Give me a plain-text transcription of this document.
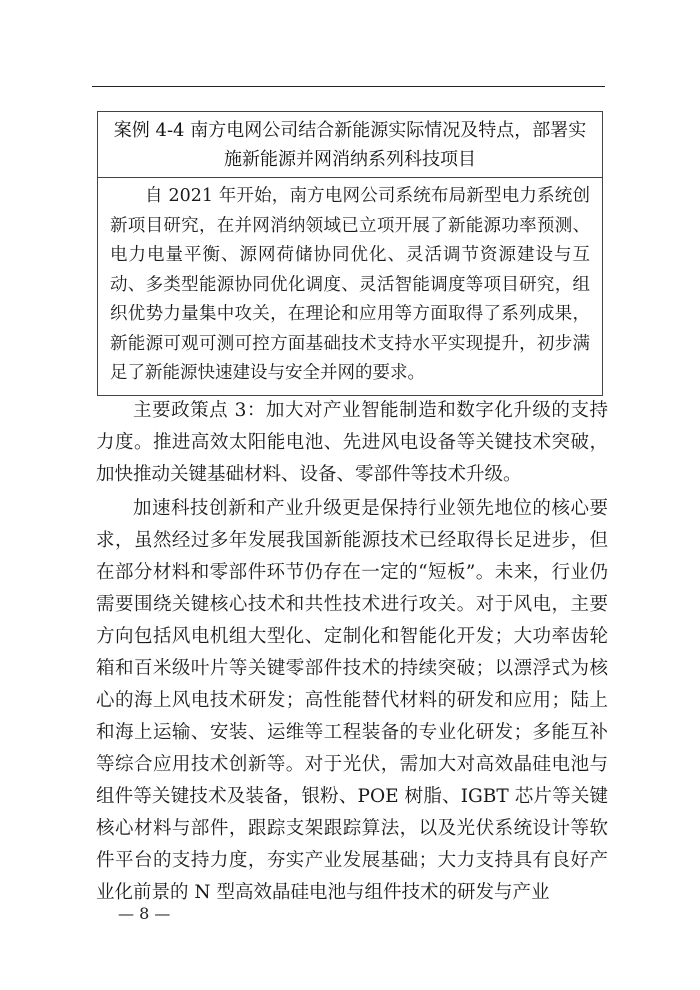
案例 4-4 南方电网公司结合新能源实际情况及特点，部署实施新能源并网消纳系列科技项目
自 2021 年开始，南方电网公司系统布局新型电力系统创新项目研究，在并网消纳领域已立项开展了新能源功率预测、电力电量平衡、源网荷储协同优化、灵活调节资源建设与互动、多类型能源协同优化调度、灵活智能调度等项目研究，组织优势力量集中攻关，在理论和应用等方面取得了系列成果，新能源可观可测可控方面基础技术支持水平实现提升，初步满足了新能源快速建设与安全并网的要求。

主要政策点 3：加大对产业智能制造和数字化升级的支持力度。推进高效太阳能电池、先进风电设备等关键技术突破，加快推动关键基础材料、设备、零部件等技术升级。

加速科技创新和产业升级更是保持行业领先地位的核心要求，虽然经过多年发展我国新能源技术已经取得长足进步，但在部分材料和零部件环节仍存在一定的“短板”。未来，行业仍需要围绕关键核心技术和共性技术进行攻关。对于风电，主要方向包括风电机组大型化、定制化和智能化开发；大功率齿轮箱和百米级叶片等关键零部件技术的持续突破；以漂浮式为核心的海上风电技术研发；高性能替代材料的研发和应用；陆上和海上运输、安装、运维等工程装备的专业化研发；多能互补等综合应用技术创新等。对于光伏，需加大对高效晶硅电池与组件等关键技术及装备，银粉、POE 树脂、IGBT 芯片等关键核心材料与部件，跟踪支架跟踪算法，以及光伏系统设计等软件平台的支持力度，夯实产业发展基础；大力支持具有良好产业化前景的 N 型高效晶硅电池与组件技术的研发与产业

— 8 —
